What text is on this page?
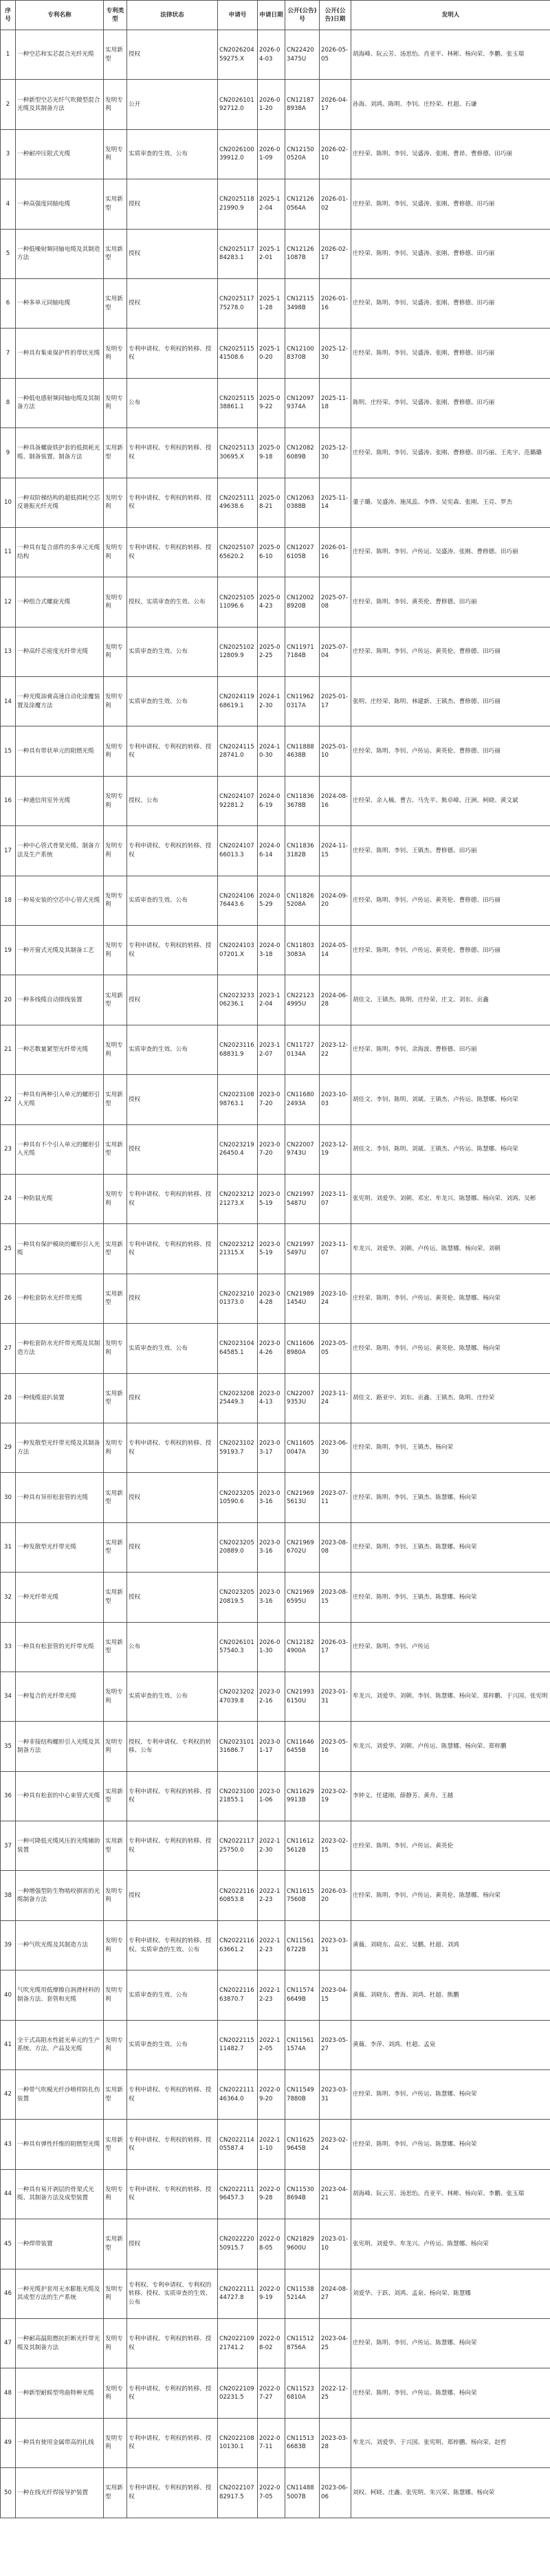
序号	专利名称	专利类型	法律状态	申请号	申请日期	公开(公告)号	公开(公告)日期	发明人
1	一种空芯和实芯混合光纤光缆	实用新型	授权	CN202620459275.X	2026-04-03	CN224203475U	2026-05-05	胡海峰、阮云芳、汤思怡、肖亚平、林彬、杨向荣、李鹏、张玉瑞
2	一种新型空芯光纤气吹微型混合光缆及其制备方法	发明专利	公开	CN202610192712.0	2026-01-20	CN121878938A	2026-04-17	孙海、刘鸿、陈明、李钊、庄经荣、杜超、石谦
3	一种耐冲压阻式光缆	发明专利	实质审查的生效、公布	CN202610039912.0	2026-01-09	CN121500520A	2026-02-10	庄经荣、陈明、李钊、吴盛涛、张刚、曹昂、曹修德、田巧丽
4	一种高强度同轴电缆	实用新型	授权	CN202511821990.9	2025-12-04	CN121260564A	2026-01-02	庄经荣、陈明、李钊、吴盛涛、张刚、曹修德、田巧丽
5	一种低噪射频同轴电缆及其制造方法	实用新型	授权	CN202511784283.1	2025-12-01	CN121261087B	2026-02-17	庄经荣、陈明、李钊、吴盛涛、张刚、曹修德、田巧丽
6	一种多单元同轴电缆	实用新型	授权	CN202511775278.0	2025-11-28	CN121153498B	2026-01-16	庄经荣、陈明、李钊、吴盛涛、张刚、曹修德、田巧丽
7	一种具有集束保护件的带状光缆	发明专利	专利申请权、专利权的转移、授权	CN202511541508.6	2025-10-20	CN121008370B	2025-12-30	庄经荣、陈明、李钊、吴盛涛、张刚、曹修德、田巧丽
8	一种低电感射频同轴电缆及其制备方法	发明专利	公布	CN202511538861.1	2025-09-22	CN120979374A	2025-11-18	陈明、庄经荣、李钊、吴盛涛、张刚、曹修德、田巧丽
9	一种具备螺旋铁护套的低损耗光缆、制备装置、制备方法	实用新型	专利申请权、专利权的转移、授权	CN202511330695.X	2025-09-18	CN120826089B	2025-12-30	庄经荣、陈明、李钊、吴盛涛、张刚、曹修德、田巧丽、王兆宇、范璐璐
10	一种双阶梯结构的超低损耗空芯反谐振光纤光缆	发明专利	专利申请权、专利权的转移、授权	CN202511149638.6	2025-08-21	CN120630388B	2025-11-14	董子璐、吴盛涛、施凤蕊、李烨、吴宪森、张刚、王亮、罗杰
11	一种具有复合部件的多单元光缆结构	发明专利	专利申请权、专利权的转移、授权	CN202510765620.2	2025-06-10	CN120276105B	2026-01-16	庄经荣、陈明、李钊、卢传运、吴盛涛、张刚、曹修德、田巧丽
12	一种组合式螺旋光缆	发明专利	授权、实质审查的生效、公布	CN202510511096.6	2025-04-23	CN120028920B	2025-07-08	庄经荣、陈明、李钊、黄英伦、曹修德、田巧丽
13	一种高纤芯密度光纤带光缆	发明专利	实质审查的生效、公布	CN202510212809.9	2025-02-25	CN119717184B	2025-07-04	庄经荣、陈明、李钊、卢传运、黄英伦、曹修德、田巧丽
14	一种光缆油膏高速自动化涂覆装置及涂覆方法	发明专利	实质审查的生效、公布	CN202411968619.1	2024-12-30	CN119620317A	2025-01-17	张明、庄经荣、陈明、林建新、王镇杰、曹修德、田巧丽
15	一种具有带状单元的阻燃光缆	发明专利	专利申请权、专利权的转移、授权	CN202411528741.0	2024-10-30	CN118884638B	2025-01-10	庄经荣、陈明、李钊、卢传运、黄英伦、曹修德、田巧丽
16	一种通信用室外光缆	发明专利	授权、公布	CN202410792281.2	2024-06-19	CN118363678B	2024-08-16	庄经荣、余入楠、曹吉、马先平、熊卓峰、汪洲、柯晓、黄文斌
17	一种中心管式骨架光缆、制备方法及生产系统	发明专利	专利申请权、专利权的转移、授权	CN202410766013.3	2024-06-14	CN118363182B	2024-11-15	庄经荣、陈明、李钊、王镇杰、曹修德、田巧丽
18	一种易安装的空芯中心管式光缆	发明专利	实质审查的生效、公布	CN202410676443.6	2024-05-29	CN118265208A	2024-09-20	庄经荣、陈明、李钊、卢传运、黄英伦、曹修德、田巧丽
19	一种开窗式光缆及其制备工艺	发明专利	专利申请权、专利权的转移、授权	CN202410307201.X	2024-03-18	CN118033083A	2024-05-14	庄经荣、陈明、李钊、卢传运、黄英伦、曹修德、田巧丽
20	一种多线缆自动排线装置	实用新型	授权	CN202323306236.1	2023-12-04	CN221234995U	2024-06-28	胡佳文、王镇杰、陈明、庄经荣、庄文、刘东、贡鑫
21	一种芯数量紧型光纤带光缆	发明专利	实质审查的生效、公布	CN202311668831.9	2023-12-07	CN117270134A	2023-12-22	庄经荣、陈明、李钊、余海波、曹修德、田巧丽
22	一种具有两种引入单元的螺形引入光缆	实用新型	授权	CN202310898763.1	2023-07-20	CN116802493A	2023-10-03	胡佳文、李钊、陈明、刘斌、王镇杰、卢传运、陈慧娜、杨向荣
23	一种具有不个引入单元的螺形引入光缆	实用新型	授权	CN202321926450.4	2023-07-20	CN220079743U	2023-12-19	胡佳文、李钊、陈明、刘斌、王镇杰、卢传运、陈慧娜、杨向荣
24	一种防鼠光缆	发明专利	专利申请权、专利权的转移、授权	CN202321221273.X	2023-05-19	CN219975487U	2023-11-07	张宪明、刘爱华、刘朝、邓宏、牟龙兴、陈慧娜、杨向荣、刘鸿、吴彬
25	一种具有保护模块的螺形引入光缆	实用新型	专利申请权、专利权的转移、授权	CN202321221315.X	2023-05-19	CN219975497U	2023-11-07	牟龙兴、刘爱华、刘朝、卢传运、陈慧娜、杨向荣、刘朝
26	一种松套防水光纤带光缆	实用新型	授权	CN202321001373.0	2023-04-28	CN219891454U	2023-10-24	庄经荣、陈明、李钊、卢传运、黄英伦、陈慧娜、杨向荣
27	一种松套防水光纤带光缆及其制造方法	发明专利	实质审查的生效、公布	CN202310464585.1	2023-04-26	CN116068980A	2023-05-05	庄经荣、陈明、李钊、卢传运、黄英伦、陈慧娜、杨向荣
28	一种线缆退扒装置	实用新型	授权	CN202320825449.3	2023-04-13	CN220079353U	2023-11-24	胡佳文、路亚中、刘东、贡鑫、王镇杰、陈明、庄经荣
29	一种发散型光纤带光缆及其制备方法	发明专利	专利申请权、专利权的转移、授权	CN202310259193.7	2023-03-17	CN116050047A	2023-06-30	庄经荣、陈明、李钊、王镇杰、杨向荣
30	一种具有异形松套管的光缆	实用新型	授权	CN202320510590.6	2023-03-16	CN219695613U	2023-07-11	庄经荣、陈明、李钊、王镇杰、陈慧娜、杨向荣
31	一种发散型光纤带光缆	实用新型	授权	CN202320520889.0	2023-03-16	CN219696702U	2023-08-08	庄经荣、陈明、李钊、王镇杰、陈慧娜、杨向荣
32	一种光纤带光缆	实用新型	授权	CN202320520819.5	2023-03-16	CN219696595U	2023-08-15	庄经荣、陈明、李钊、王镇杰、陈慧娜、杨向荣
33	一种具有松套管的光纤带光缆	实用新型	公布	CN202610157540.3	2026-01-30	CN121824900A	2026-03-17	庄经荣、陈明、李钊、卢传运
34	一种复合的光纤带光缆	发明专利	实质审查的生效、公布	CN202320247039.8	2023-02-16	CN219936150U	2023-01-31	牟龙兴、刘爱华、刘朝、李钊、陈慧娜、杨向荣、郑梓鹏、于兴国、张宪明
35	一种非接结构螺形引入光缆及其制备方法	发明专利	授权、专利申请权、专利权的转移、公布	CN202310131686.7	2023-01-17	CN116466455B	2023-05-16	牟龙兴、刘爱华、刘朝、卢传运、陈慧娜、杨向荣、郑梓鹏
36	一种具有松套的中心束管式光缆	实用新型	专利申请权、专利权的转移、授权	CN202310021855.1	2023-01-06	CN116299913B	2023-02-19	李钟义、任建刚、薛静芳、黄舟、王越
37	一种可降低光缆风压的光缆辅助装置	实用新型	专利申请权、专利权的转移、授权	CN202211725750.0	2022-12-30	CN116125612B	2023-02-15	庄经荣、陈明、李钊、卢传运、黄英伦
38	一种增强型防生物啮咬損害的光缆制备方法	发明专利	授权	CN202211660853.8	2022-12-23	CN116157560B	2026-03-20	庄经荣、陈明、李钊、卢传运、黄英伦、陈慧娜、杨向荣
39	一种气吹光缆及其制造方法	发明专利	专利申请权、专利权的转移、授权、实质审查的生效、公布	CN202211663661.2	2022-12-23	CN115616722B	2023-03-31	黄薇、刘晓东、高宏、吴鹏、杜超、刘鸿
40	气吹光缆用低摩擦自润滑材料的制备方法、套管和光缆	发明专利	实质审查的生效、公布	CN202211663870.7	2022-12-23	CN115746649B	2023-04-15	黄薇、刘晓东、曹海、刘鸿、杜超、熊鹏
41	全干式高阻水性能光单元的生产系统、方法、产品及光缆	发明专利	实质审查的生效、公布	CN202211511482.7	2022-12-05	CN115611574A	2023-05-27	黄薇、李萍、刘鸿、杜超、孟泉
42	一种带气吹模光纤沙喷样防扎伤装置	实用新型	专利申请权、专利权的转移、授权	CN202211146364.0	2022-09-20	CN115497880B	2023-03-31	庄经荣、陈明、李钊、卢传运、陈慧娜、杨向荣
43	一种具有弹性纤维的阻燃型光缆	实用新型	专利申请权、专利权的转移、授权	CN202211405587.4	2022-11-10	CN116259645B	2023-02-24	庄经荣、陈明、李钊、卢传运、陈慧娜、杨向荣
44	一种具有易开剥层的骨架式光缆、其制备方法及成型装置	发明专利	专利申请权、专利权的转移、授权	CN202211196457.3	2022-09-28	CN115308694B	2023-04-21	胡海峰、阮云芳、汤思怡、肖亚平、林彬、杨向荣、李鹏、张玉瑞
45	一种焊带装置	实用新型	授权	CN202222050915.7	2022-08-05	CN218299600U	2023-01-10	张宪明、刘爱华、牟龙兴、卢传运、陈慧娜、杨向荣
46	一种光缆护套用无水膨胀光缆及其成型方法的生产系统	发明专利	专利权、专利申请权、专利权的转移、授权、实质审查的生效、公布	CN202211144727.8	2022-09-19	CN115385214A	2024-08-27	刘爱华、于跃、刘鸿、孟泉、杨向荣、陈慧娜
47	一种耐高温阻燃抗折断光纤带光缆及其制备方法	发明专利	专利申请权、专利权的转移、授权	CN202210921741.2	2022-08-02	CN115128756A	2023-04-25	庄经荣、陈明、李钊、卢传运、陈慧娜、杨向荣
48	一种新型耐候型弯曲特种光缆	发明专利	专利申请权、专利权的转移、授权	CN202210902231.5	2022-07-27	CN115236810A	2022-12-25	庄经荣、陈明、李钊、卢传运、陈慧娜、杨向荣
49	一种具有使用金属带高的扎线	发明专利	专利申请权、专利权的转移、授权	CN202210810130.1	2022-07-11	CN115136683B	2023-03-28	牟龙兴、刘爱华、于兴国、张宪明、郑梓鹏、杨向荣、赵哲
50	一种在线光纤焊接导护装置	实用新型	专利申请权、专利权的转移、授权	CN202210782917.5	2022-07-05	CN114885007B	2023-06-06	刘权、柯晓、庄鑫、张宪明、朱兴荣、陈慧娜、杨向荣
